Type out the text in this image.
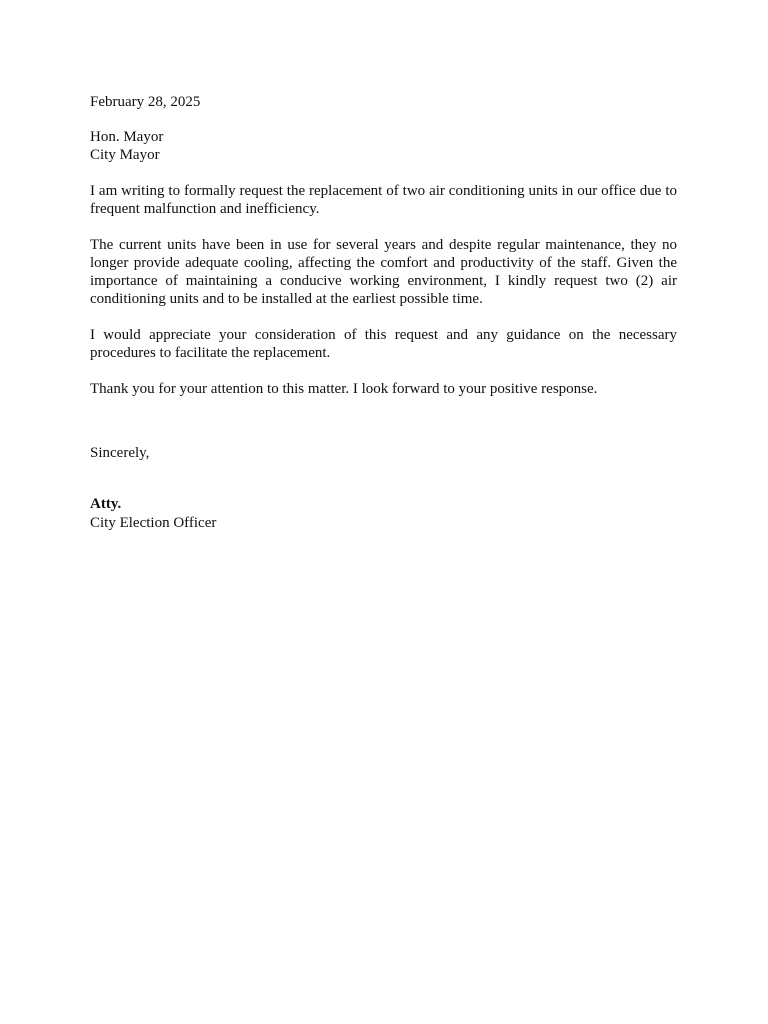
February 28, 2025

Hon. Mayor
City Mayor

I am writing to formally request the replacement of two air conditioning units in our office due to frequent malfunction and inefficiency.

The current units have been in use for several years and despite regular maintenance, they no longer provide adequate cooling, affecting the comfort and productivity of the staff. Given the importance of maintaining a conducive working environment, I kindly request two (2) air conditioning units and to be installed at the earliest possible time.

I would appreciate your consideration of this request and any guidance on the necessary procedures to facilitate the replacement.

Thank you for your attention to this matter. I look forward to your positive response.

Sincerely,

Atty.
City Election Officer
